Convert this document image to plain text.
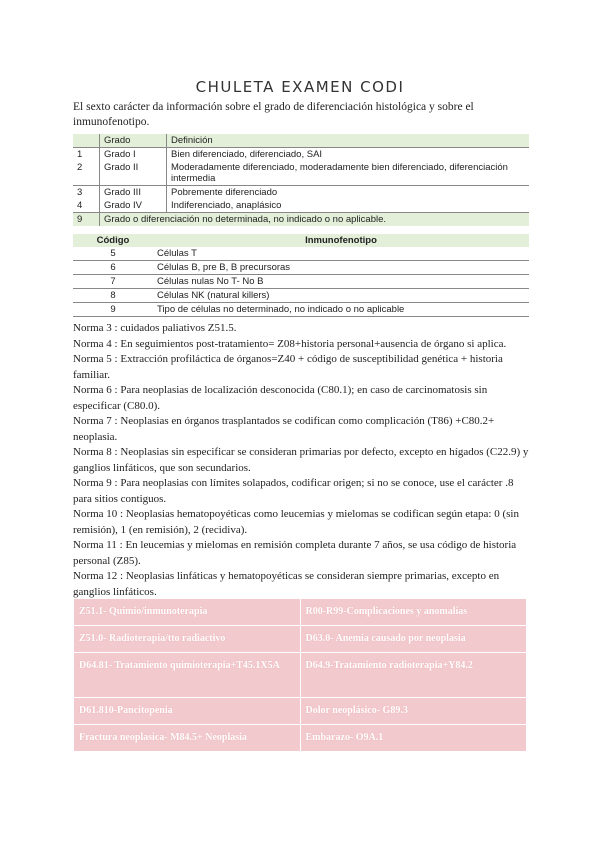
CHULETA EXAMEN CODI
El sexto carácter da información sobre el grado de diferenciación histológica y sobre el inmunofenotipo.
	Grado	Definición
1	Grado I	Bien diferenciado, diferenciado, SAI
2	Grado II	Moderadamente diferenciado, moderadamente bien diferenciado, diferenciación intermedia
3	Grado III	Pobremente diferenciado
4	Grado IV	Indiferenciado, anaplásico
9	Grado o diferenciación no determinada, no indicado o no aplicable.	
Código	Inmunofenotipo
5	Células T
6	Células B, pre B, B precursoras
7	Células nulas No T- No B
8	Células NK (natural killers)
9	Tipo de células no determinado, no indicado o no aplicable

Norma 3 : cuidados paliativos Z51.5.

Norma 4 : En seguimientos post-tratamiento= Z08+historia personal+ausencia de órgano si aplica.

Norma 5 : Extracción profiláctica de órganos=Z40 + código de susceptibilidad genética + historia familiar.

Norma 6 : Para neoplasias de localización desconocida (C80.1); en caso de carcinomatosis sin especificar (C80.0).

Norma 7 : Neoplasias en órganos trasplantados se codifican como complicación (T86) +C80.2+ neoplasia.

Norma 8 : Neoplasias sin especificar se consideran primarias por defecto, excepto en hígados (C22.9) y ganglios linfáticos, que son secundarios.

Norma 9 : Para neoplasias con límites solapados, codificar origen; si no se conoce, use el carácter .8 para sitios contiguos.

Norma 10 : Neoplasias hematopoyéticas como leucemias y mielomas se codifican según etapa: 0 (sin remisión), 1 (en remisión), 2 (recidiva).

Norma 11 : En leucemias y mielomas en remisión completa durante 7 años, se usa código de historia personal (Z85).

Norma 12 : Neoplasias linfáticas y hematopoyéticas se consideran siempre primarias, excepto en ganglios linfáticos.

Z51.1- Quimio/inmunoterapia	R00-R99-Complicaciones y anomalías
Z51.0- Radioterapia/tto radiactivo	D63.0- Anemia causado por neoplasia
D64.81- Tratamiento quimioterapia+T45.1X5A	D64.9-Tratamiento radioterapia+Y84.2
D61.810-Pancitopenia	Dolor neoplásico- G89.3
Fractura neoplasica- M84.5+ Neoplasia	Embarazo- O9A.1
